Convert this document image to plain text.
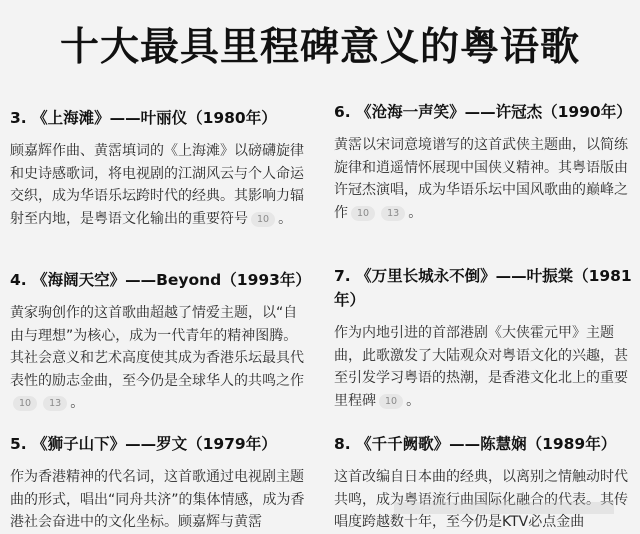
十大最具里程碑意义的粤语歌
3. 《上海滩》——叶丽仪（1980年）

顾嘉辉作曲、黄霑填词的《上海滩》以磅礴旋律和史诗感歌词，将电视剧的江湖风云与个人命运交织，成为华语乐坛跨时代的经典。其影响力辐射至内地，是粤语文化输出的重要符号 10 。

4. 《海阔天空》——Beyond（1993年）

黄家驹创作的这首歌曲超越了情爱主题，以“自由与理想”为核心，成为一代青年的精神图腾。其社会意义和艺术高度使其成为香港乐坛最具代表性的励志金曲，至今仍是全球华人的共鸣之作10 13 。

5. 《狮子山下》——罗文（1979年）

作为香港精神的代名词，这首歌通过电视剧主题曲的形式，唱出“同舟共济”的集体情感，成为香港社会奋进中的文化坐标。顾嘉辉与黄霑

6. 《沧海一声笑》——许冠杰（1990年）

黄霑以宋词意境谱写的这首武侠主题曲，以简练旋律和逍遥情怀展现中国侠义精神。其粤语版由许冠杰演唱，成为华语乐坛中国风歌曲的巅峰之作 10 13 。

7. 《万里长城永不倒》——叶振棠（1981年）

作为内地引进的首部港剧《大侠霍元甲》主题曲，此歌激发了大陆观众对粤语文化的兴趣，甚至引发学习粤语的热潮，是香港文化北上的重要里程碑 10 。

8. 《千千阙歌》——陈慧娴（1989年）

这首改编自日本曲的经典，以离别之情触动时代共鸣，成为粤语流行曲国际化融合的代表。其传唱度跨越数十年，至今仍是KTV必点金曲
